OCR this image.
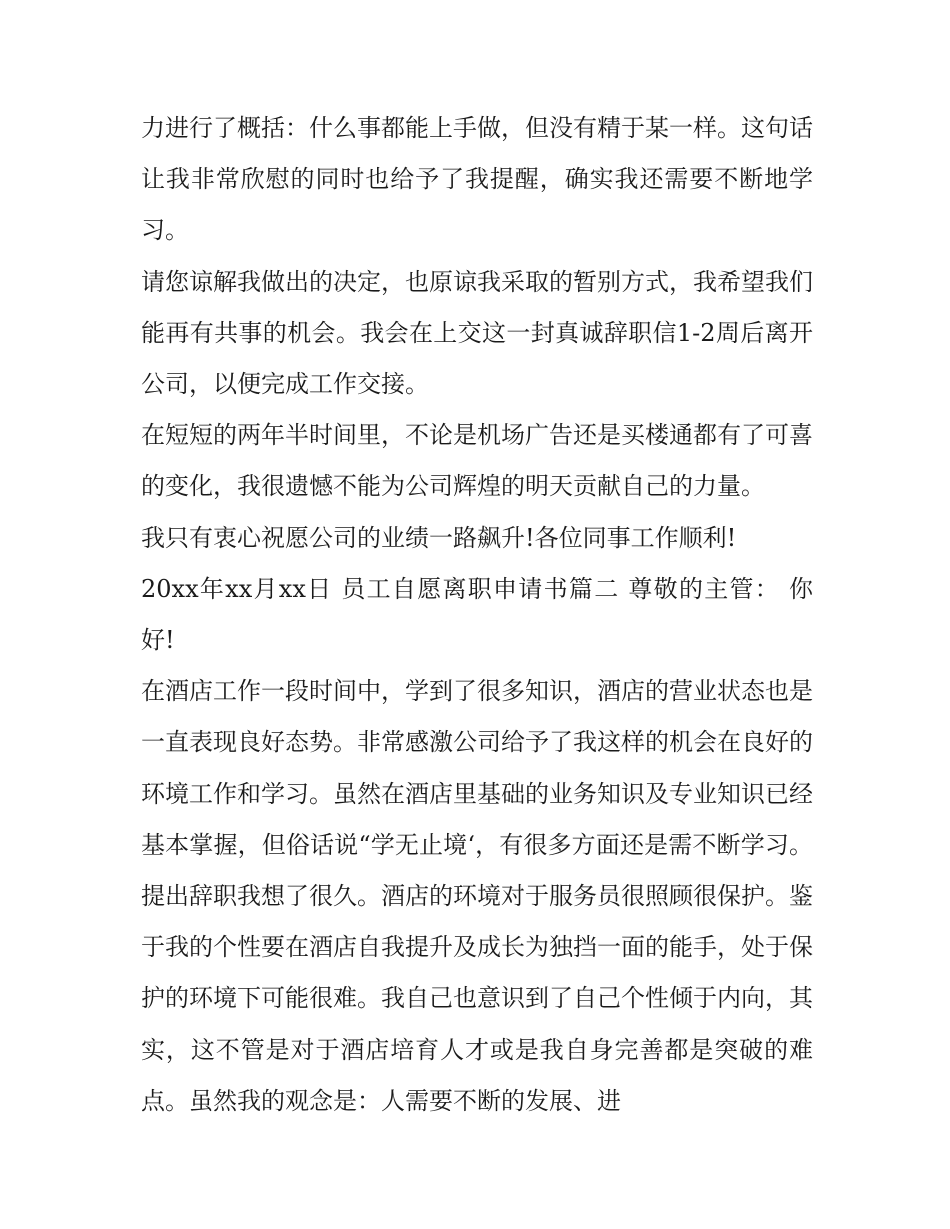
力进行了概括：什么事都能上手做，但没有精于某一样。这句话让我非常欣慰的同时也给予了我提醒，确实我还需要不断地学习。

请您谅解我做出的决定，也原谅我采取的暂别方式，我希望我们能再有共事的机会。我会在上交这一封真诚辞职信1-2周后离开公司，以便完成工作交接。

在短短的两年半时间里，不论是机场广告还是买楼通都有了可喜的变化，我很遗憾不能为公司辉煌的明天贡献自己的力量。

我只有衷心祝愿公司的业绩一路飙升!各位同事工作顺利!

20xx年xx月xx日 员工自愿离职申请书篇二 尊敬的主管： 你好!

在酒店工作一段时间中，学到了很多知识，酒店的营业状态也是一直表现良好态势。非常感激公司给予了我这样的机会在良好的环境工作和学习。虽然在酒店里基础的业务知识及专业知识已经基本掌握，但俗话说“学无止境‘，有很多方面还是需不断学习。提出辞职我想了很久。酒店的环境对于服务员很照顾很保护。鉴于我的个性要在酒店自我提升及成长为独挡一面的能手，处于保护的环境下可能很难。我自己也意识到了自己个性倾于内向，其实，这不管是对于酒店培育人才或是我自身完善都是突破的难点。虽然我的观念是：人需要不断的发展、进
